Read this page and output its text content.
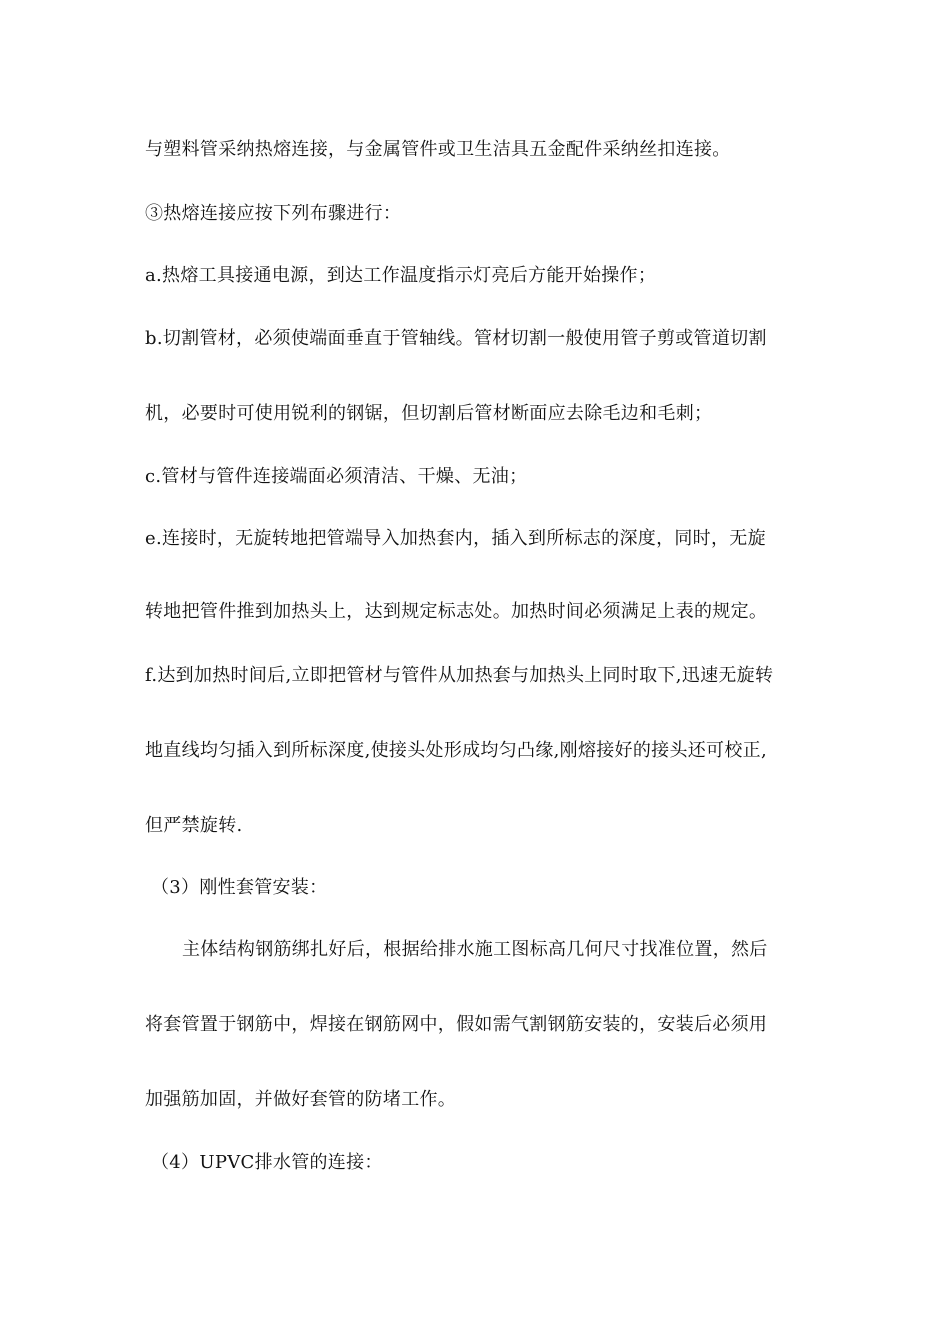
与塑料管采纳热熔连接，与金属管件或卫生洁具五金配件采纳丝扣连接。
③热熔连接应按下列布骤进行：
a.热熔工具接通电源，到达工作温度指示灯亮后方能开始操作；
b.切割管材，必须使端面垂直于管轴线。管材切割一般使用管子剪或管道切割
机，必要时可使用锐利的钢锯，但切割后管材断面应去除毛边和毛刺；
c.管材与管件连接端面必须清洁、干燥、无油；
e.连接时，无旋转地把管端导入加热套内，插入到所标志的深度，同时，无旋
转地把管件推到加热头上，达到规定标志处。加热时间必须满足上表的规定。
f.达到加热时间后,立即把管材与管件从加热套与加热头上同时取下,迅速无旋转
地直线均匀插入到所标深度,使接头处形成均匀凸缘,刚熔接好的接头还可校正,
但严禁旋转.
（3）刚性套管安装：
主体结构钢筋绑扎好后，根据给排水施工图标高几何尺寸找准位置，然后
将套管置于钢筋中，焊接在钢筋网中，假如需气割钢筋安装的，安装后必须用
加强筋加固，并做好套管的防堵工作。
（4）UPVC排水管的连接：
